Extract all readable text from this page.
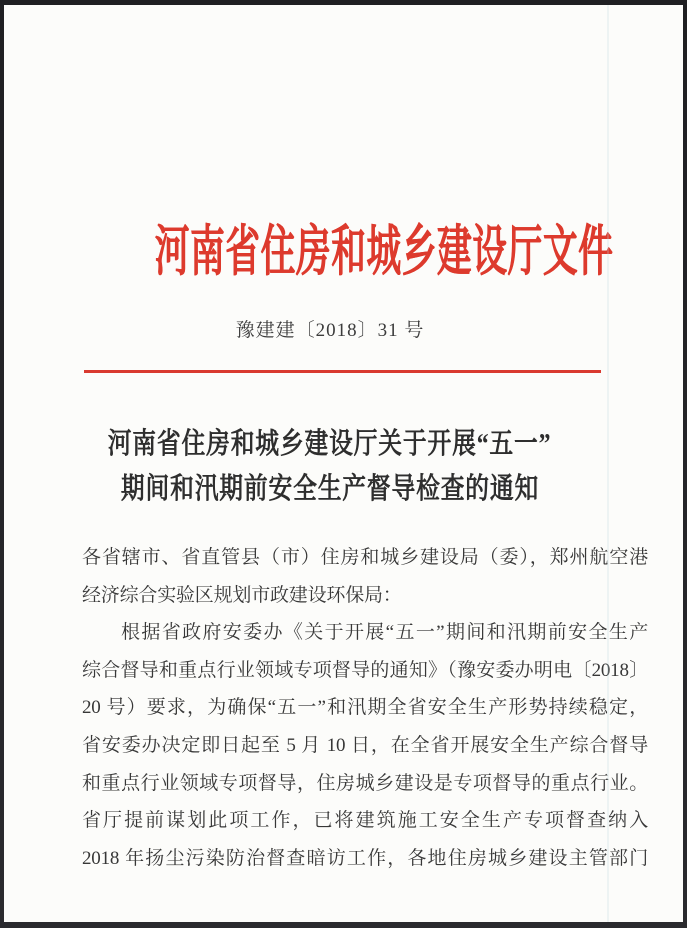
河南省住房和城乡建设厅文件
豫建建〔2018〕31 号
河南省住房和城乡建设厅关于开展“五一”
期间和汛期前安全生产督导检查的通知
各省辖市、省直管县（市）住房和城乡建设局（委），郑州航空港
经济综合实验区规划市政建设环保局：
根据省政府安委办《关于开展“五一”期间和汛期前安全生产
综合督导和重点行业领域专项督导的通知》（豫安委办明电〔2018〕
20 号）要求，为确保“五一”和汛期全省安全生产形势持续稳定，
省安委办决定即日起至 5 月 10 日，在全省开展安全生产综合督导
和重点行业领域专项督导，住房城乡建设是专项督导的重点行业。
省厅提前谋划此项工作，已将建筑施工安全生产专项督查纳入
2018 年扬尘污染防治督查暗访工作，各地住房城乡建设主管部门
